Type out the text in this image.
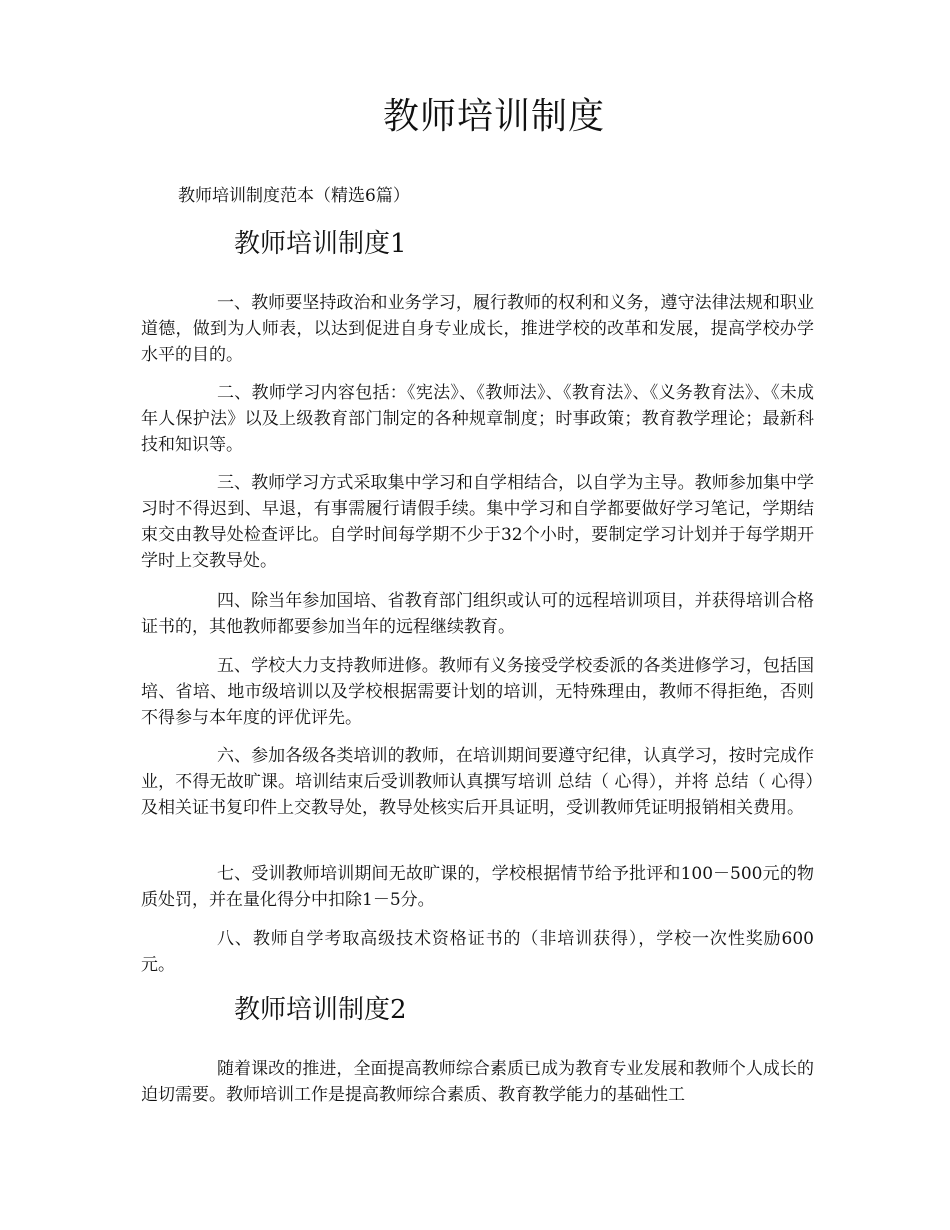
教师培训制度

教师培训制度范本（精选6篇）

教师培训制度1

一、教师要坚持政治和业务学习，履行教师的权利和义务，遵守法律法规和职业道德，做到为人师表，以达到促进自身专业成长，推进学校的改革和发展，提高学校办学水平的目的。

二、教师学习内容包括：《宪法》、《教师法》、《教育法》、《义务教育法》、《未成年人保护法》以及上级教育部门制定的各种规章制度；时事政策；教育教学理论；最新科技和知识等。

三、教师学习方式采取集中学习和自学相结合，以自学为主导。教师参加集中学习时不得迟到、早退，有事需履行请假手续。集中学习和自学都要做好学习笔记，学期结束交由教导处检查评比。自学时间每学期不少于32个小时，要制定学习计划并于每学期开学时上交教导处。

四、除当年参加国培、省教育部门组织或认可的远程培训项目，并获得培训合格证书的，其他教师都要参加当年的远程继续教育。

五、学校大力支持教师进修。教师有义务接受学校委派的各类进修学习，包括国培、省培、地市级培训以及学校根据需要计划的培训，无特殊理由，教师不得拒绝，否则不得参与本年度的评优评先。

六、参加各级各类培训的教师，在培训期间要遵守纪律，认真学习，按时完成作业，不得无故旷课。培训结束后受训教师认真撰写培训 总结（ 心得），并将 总结（ 心得）及相关证书复印件上交教导处，教导处核实后开具证明，受训教师凭证明报销相关费用。

七、受训教师培训期间无故旷课的，学校根据情节给予批评和100－500元的物质处罚，并在量化得分中扣除1－5分。

八、教师自学考取高级技术资格证书的（非培训获得），学校一次性奖励600元。

教师培训制度2

随着课改的推进，全面提高教师综合素质已成为教育专业发展和教师个人成长的迫切需要。教师培训工作是提高教师综合素质、教育教学能力的基础性工
